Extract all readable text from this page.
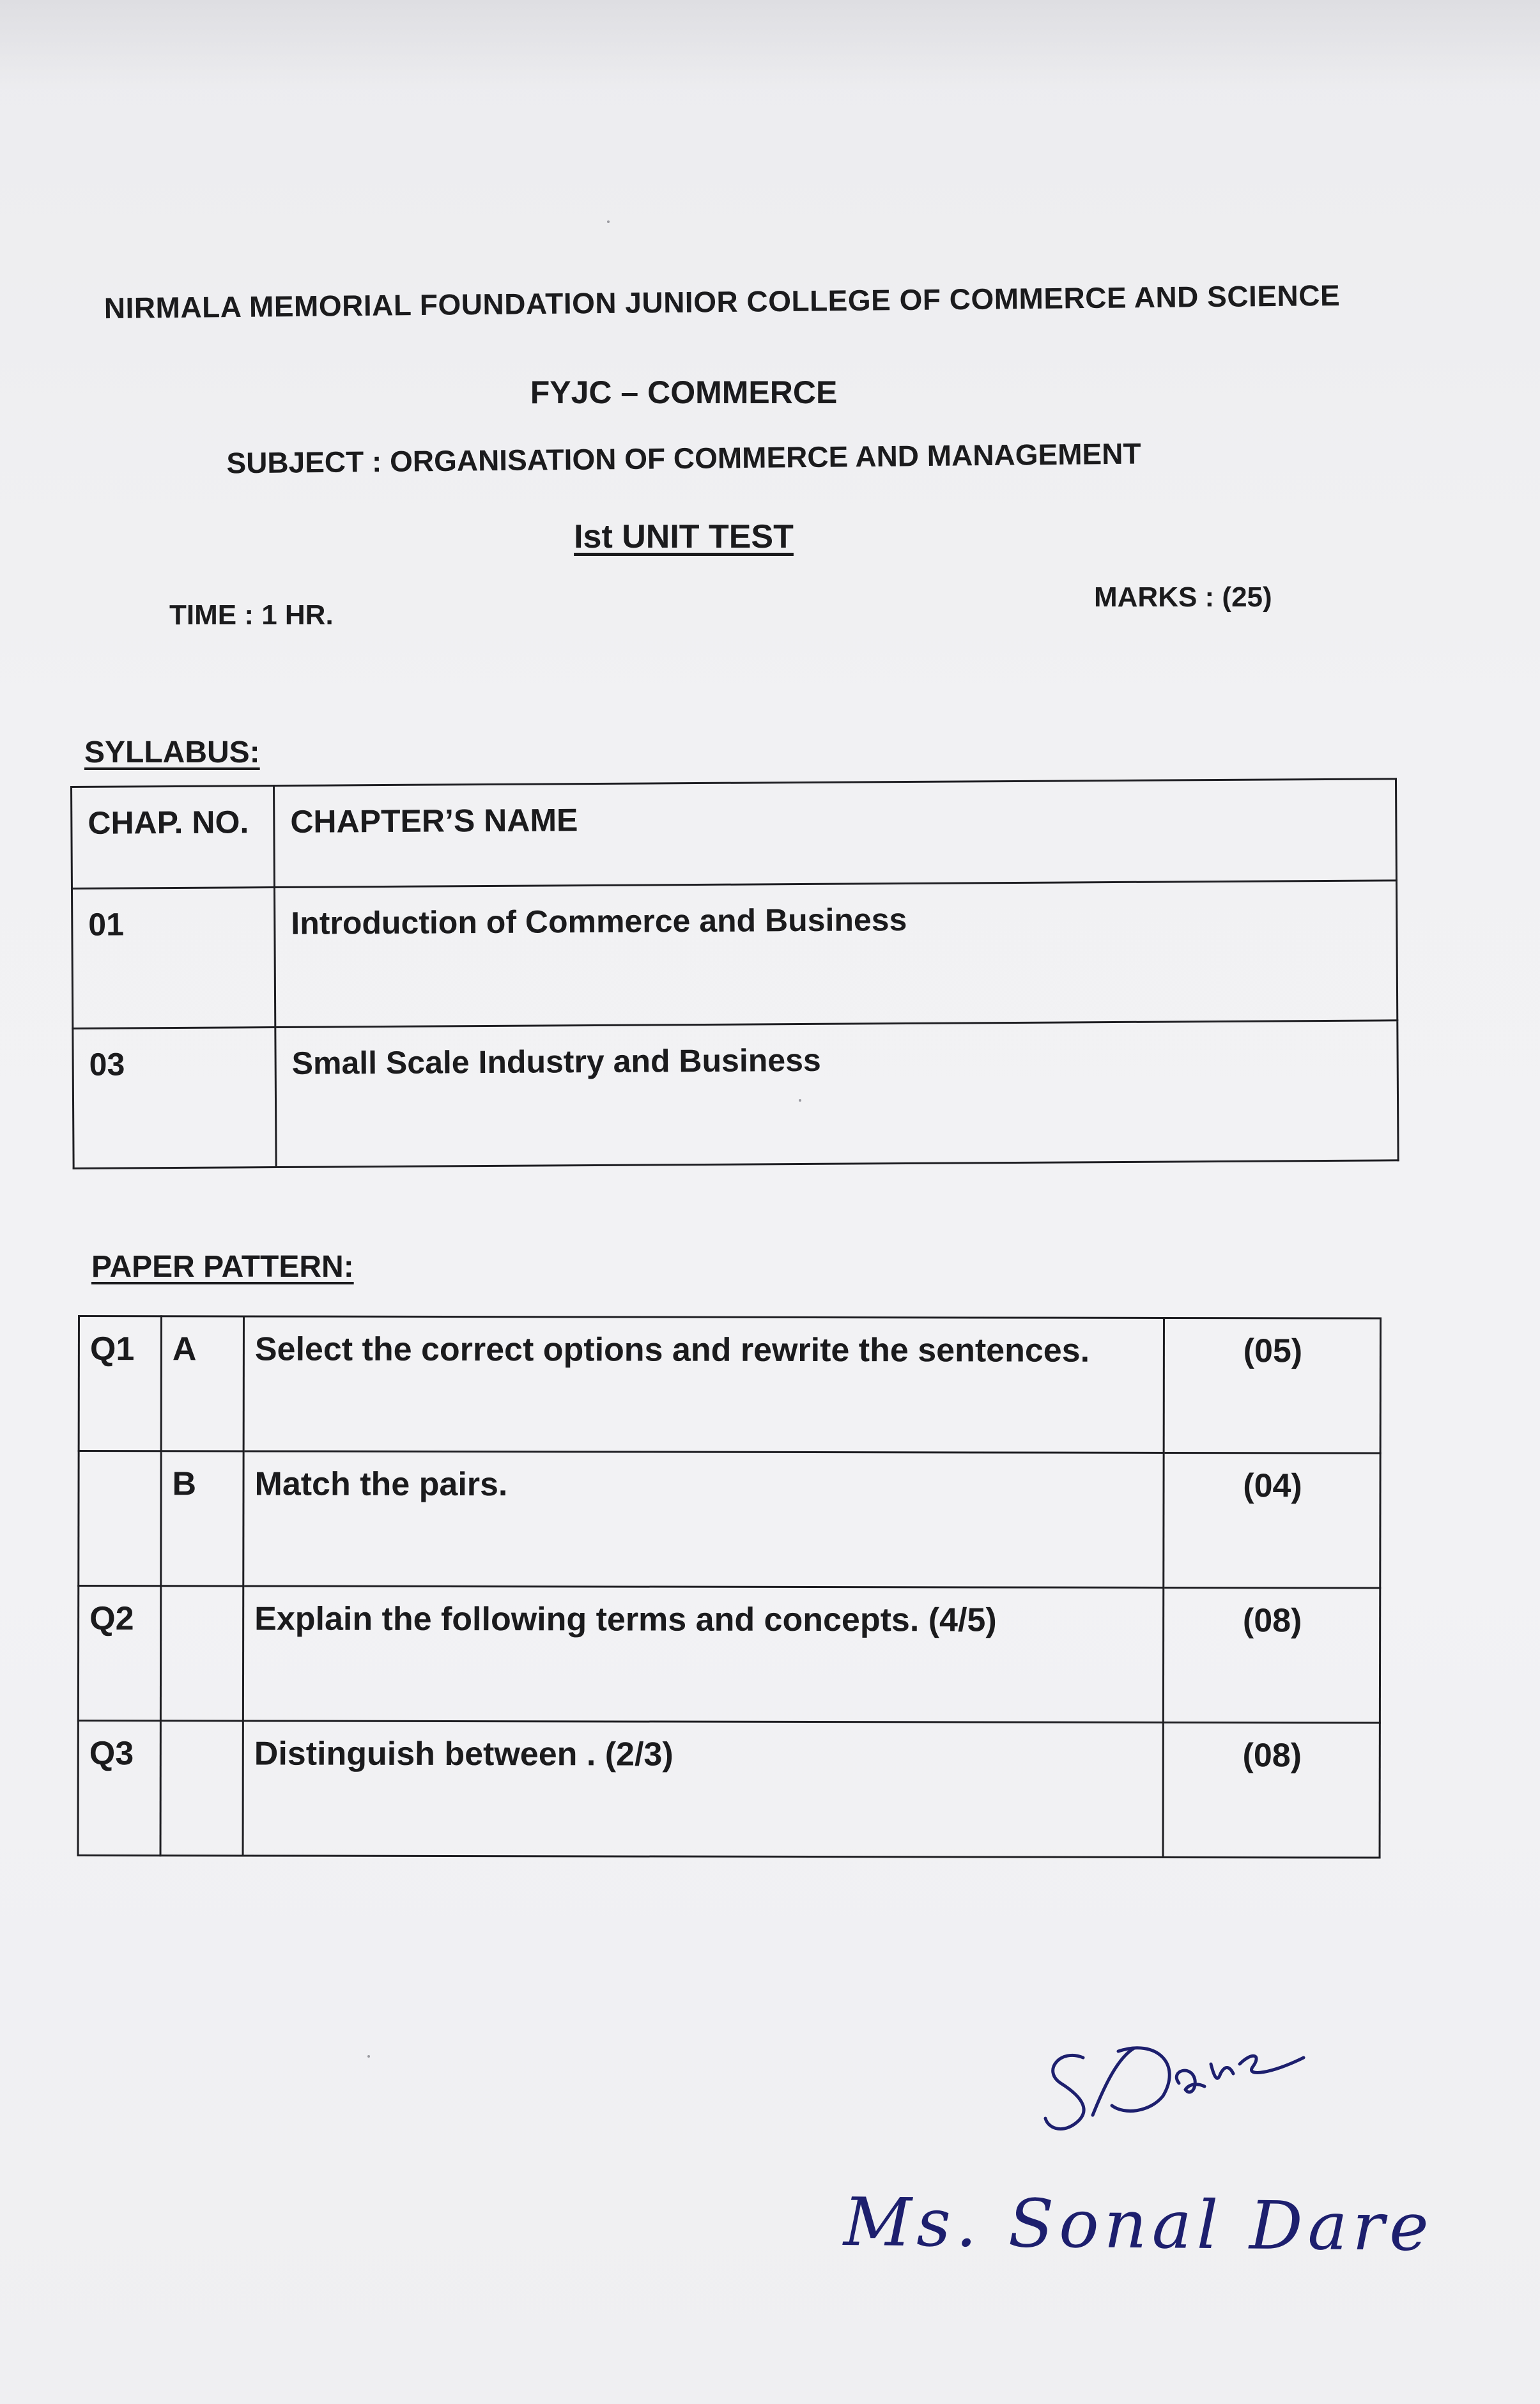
NIRMALA MEMORIAL FOUNDATION JUNIOR COLLEGE OF COMMERCE AND SCIENCE
FYJC – COMMERCE
SUBJECT : ORGANISATION OF COMMERCE AND MANAGEMENT
Ist UNIT TEST
TIME : 1 HR.
MARKS : (25)
SYLLABUS:
CHAP. NO.	CHAPTER’S NAME
01	Introduction of Commerce and Business
03	Small Scale Industry and Business
PAPER PATTERN:
Q1	A	Select the correct options and rewrite the sentences.	(05)
	B	Match the pairs.	(04)
Q2		Explain the following terms and concepts. (4/5)	(08)
Q3		Distinguish between . (2/3)	(08)
Ms. Sonal Dare
